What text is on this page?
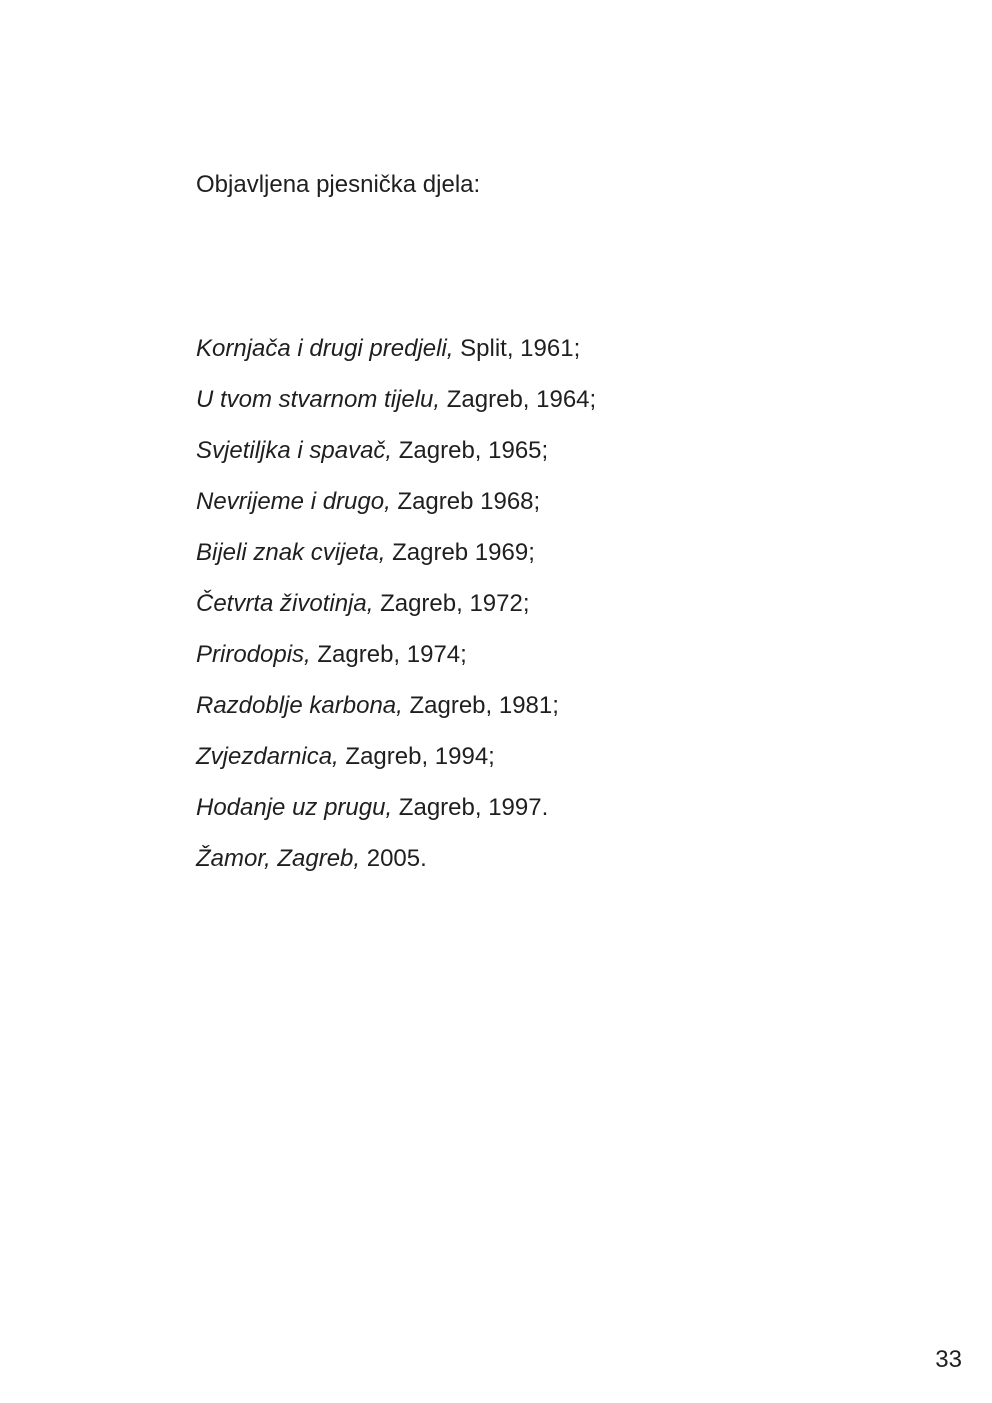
Objavljena pjesnička djela:

Kornjača i drugi predjeli, Split, 1961;
U tvom stvarnom tijelu, Zagreb, 1964;
Svjetiljka i spavač, Zagreb, 1965;
Nevrijeme i drugo, Zagreb 1968;
Bijeli znak cvijeta, Zagreb 1969;
Četvrta životinja, Zagreb, 1972;
Prirodopis, Zagreb, 1974;
Razdoblje karbona, Zagreb, 1981;
Zvjezdarnica, Zagreb, 1994;
Hodanje uz prugu, Zagreb, 1997.
Žamor, Zagreb, 2005.
33
